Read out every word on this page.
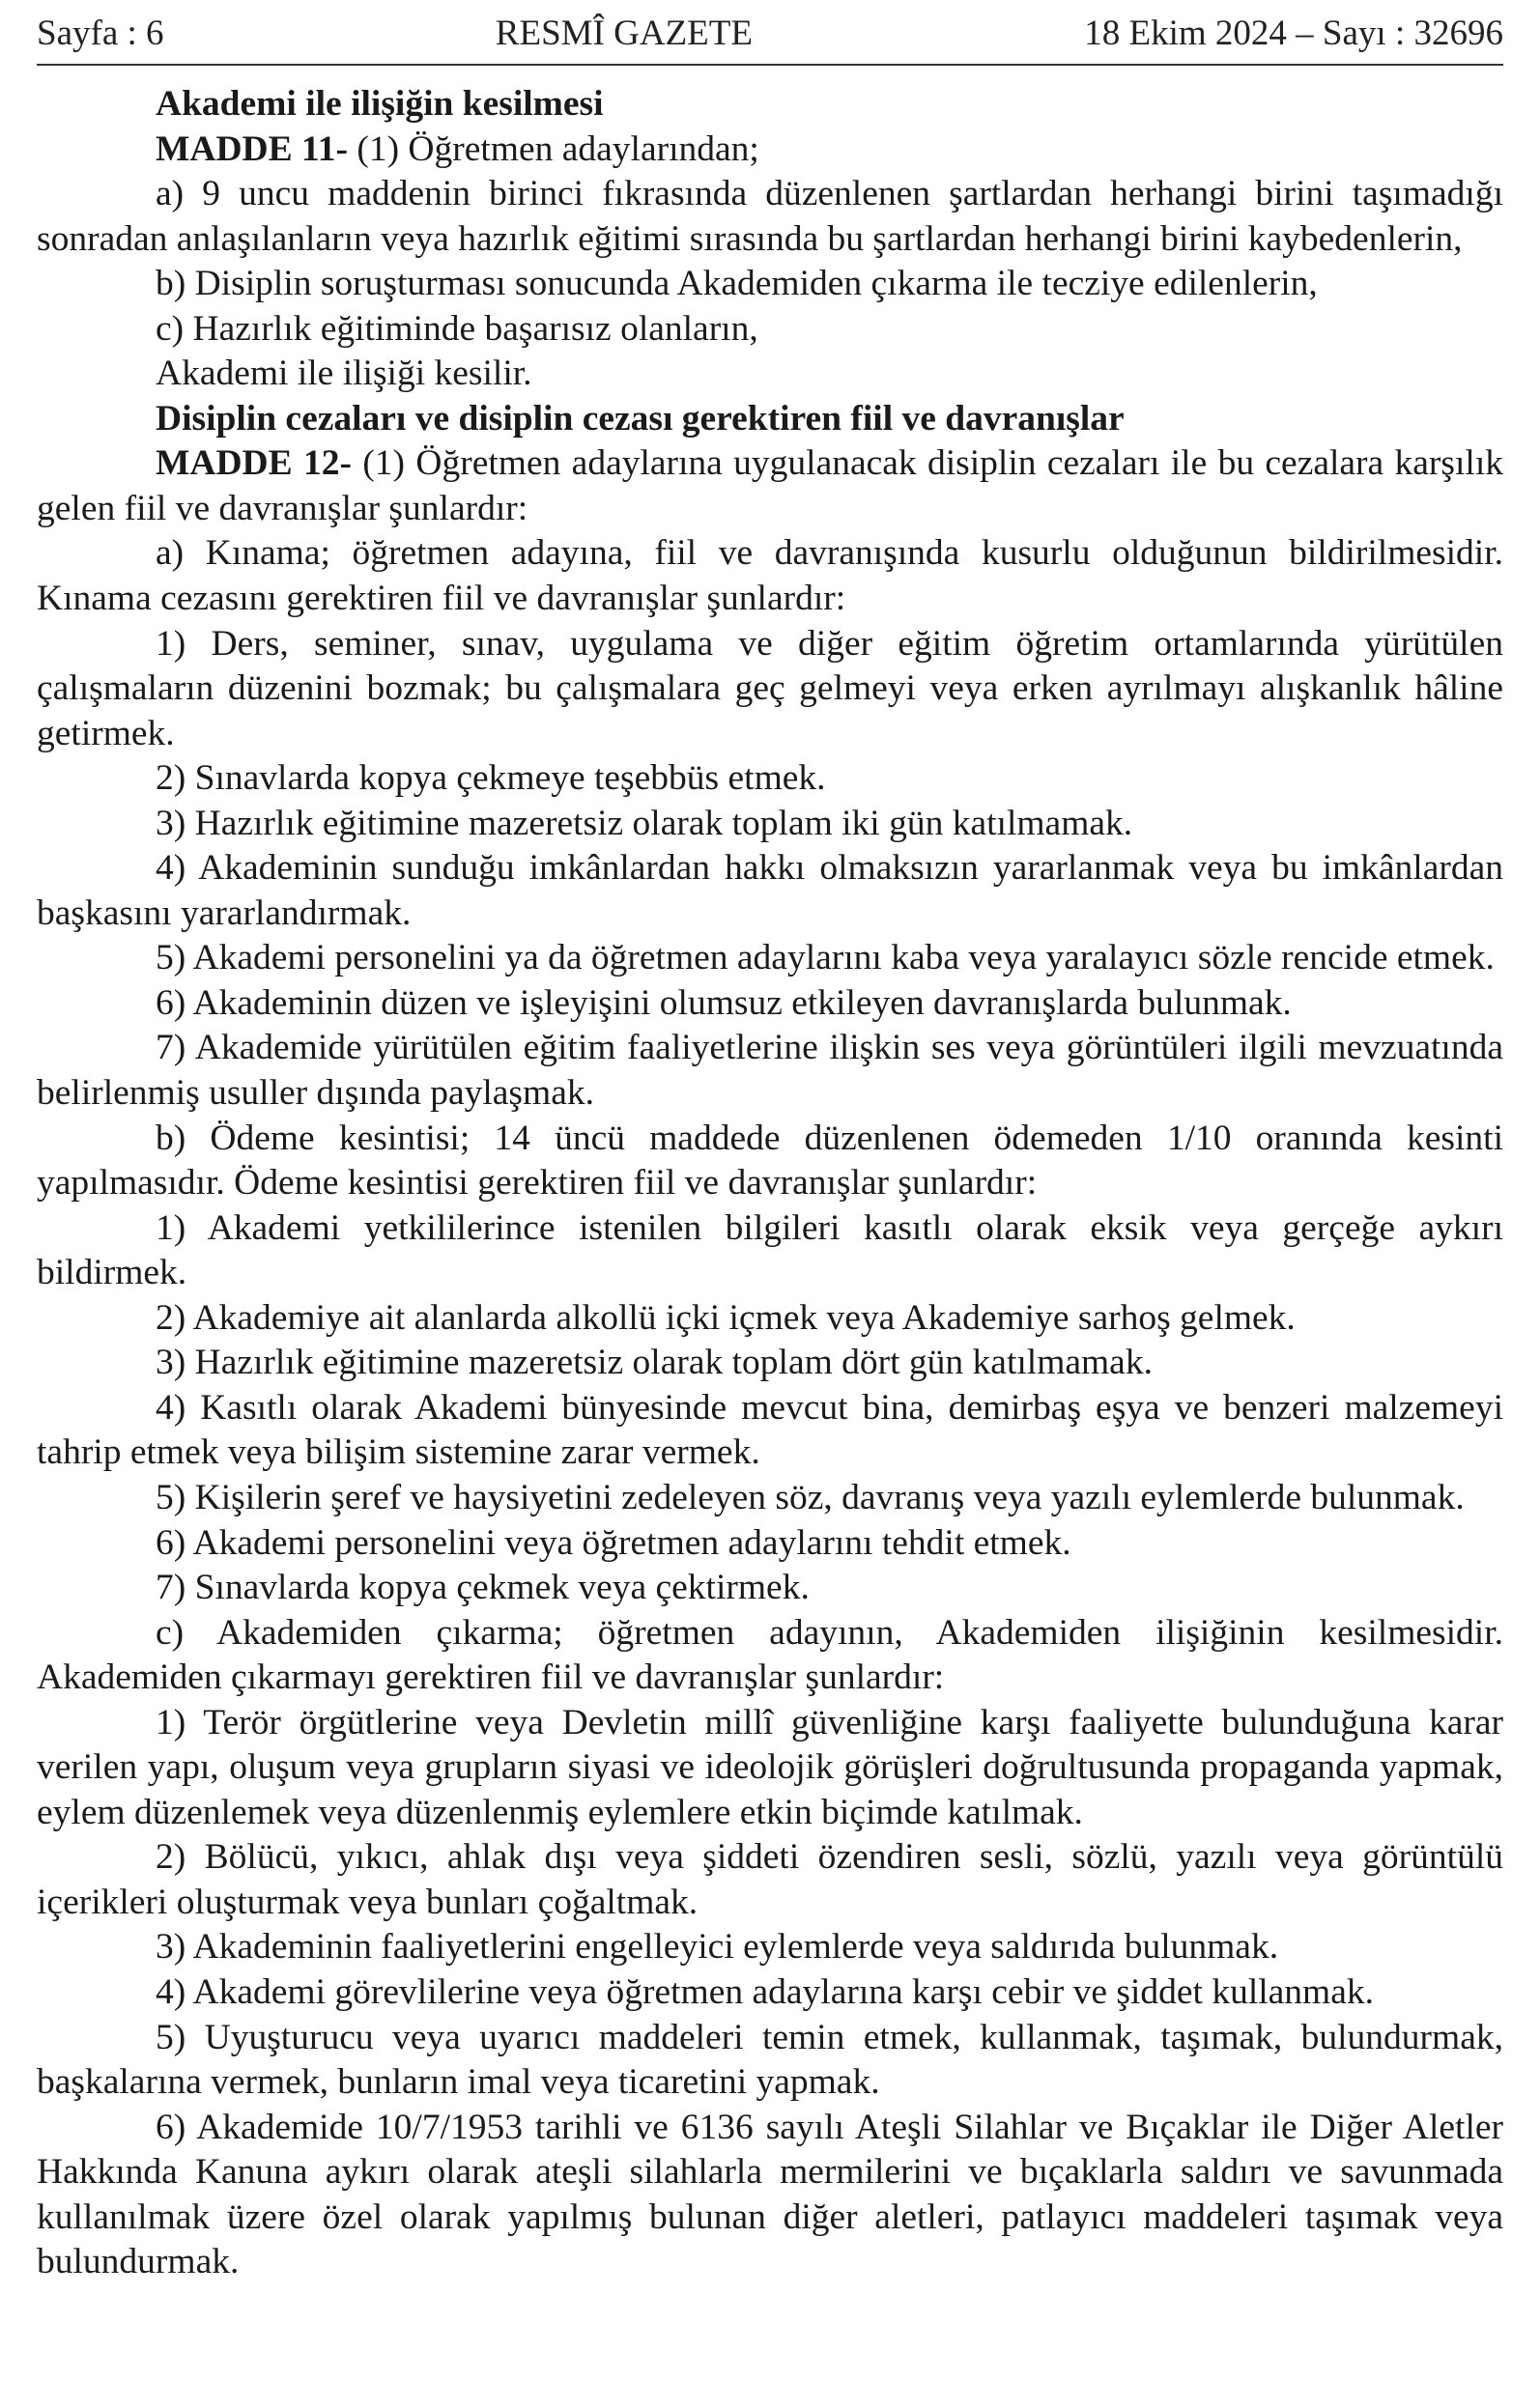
Sayfa : 6	RESMÎ GAZETE	18 Ekim 2024 – Sayı : 32696

Akademi ile ilişiğin kesilmesi

MADDE 11- (1) Öğretmen adaylarından;

a) 9 uncu maddenin birinci fıkrasında düzenlenen şartlardan herhangi birini taşımadığı sonradan anlaşılanların veya hazırlık eğitimi sırasında bu şartlardan herhangi birini kaybedenlerin,

b) Disiplin soruşturması sonucunda Akademiden çıkarma ile tecziye edilenlerin,

c) Hazırlık eğitiminde başarısız olanların,

Akademi ile ilişiği kesilir.

Disiplin cezaları ve disiplin cezası gerektiren fiil ve davranışlar

MADDE 12- (1) Öğretmen adaylarına uygulanacak disiplin cezaları ile bu cezalara karşılık gelen fiil ve davranışlar şunlardır:

a) Kınama; öğretmen adayına, fiil ve davranışında kusurlu olduğunun bildirilmesidir. Kınama cezasını gerektiren fiil ve davranışlar şunlardır:

1) Ders, seminer, sınav, uygulama ve diğer eğitim öğretim ortamlarında yürütülen çalışmaların düzenini bozmak; bu çalışmalara geç gelmeyi veya erken ayrılmayı alışkanlık hâline getirmek.

2) Sınavlarda kopya çekmeye teşebbüs etmek.

3) Hazırlık eğitimine mazeretsiz olarak toplam iki gün katılmamak.

4) Akademinin sunduğu imkânlardan hakkı olmaksızın yararlanmak veya bu imkânlardan başkasını yararlandırmak.

5) Akademi personelini ya da öğretmen adaylarını kaba veya yaralayıcı sözle rencide etmek.

6) Akademinin düzen ve işleyişini olumsuz etkileyen davranışlarda bulunmak.

7) Akademide yürütülen eğitim faaliyetlerine ilişkin ses veya görüntüleri ilgili mevzuatında belirlenmiş usuller dışında paylaşmak.

b) Ödeme kesintisi; 14 üncü maddede düzenlenen ödemeden 1/10 oranında kesinti yapılmasıdır. Ödeme kesintisi gerektiren fiil ve davranışlar şunlardır:

1) Akademi yetkililerince istenilen bilgileri kasıtlı olarak eksik veya gerçeğe aykırı bildirmek.

2) Akademiye ait alanlarda alkollü içki içmek veya Akademiye sarhoş gelmek.

3) Hazırlık eğitimine mazeretsiz olarak toplam dört gün katılmamak.

4) Kasıtlı olarak Akademi bünyesinde mevcut bina, demirbaş eşya ve benzeri malzemeyi tahrip etmek veya bilişim sistemine zarar vermek.

5) Kişilerin şeref ve haysiyetini zedeleyen söz, davranış veya yazılı eylemlerde bulunmak.

6) Akademi personelini veya öğretmen adaylarını tehdit etmek.

7) Sınavlarda kopya çekmek veya çektirmek.

c) Akademiden çıkarma; öğretmen adayının, Akademiden ilişiğinin kesilmesidir. Akademiden çıkarmayı gerektiren fiil ve davranışlar şunlardır:

1) Terör örgütlerine veya Devletin millî güvenliğine karşı faaliyette bulunduğuna karar verilen yapı, oluşum veya grupların siyasi ve ideolojik görüşleri doğrultusunda propaganda yapmak, eylem düzenlemek veya düzenlenmiş eylemlere etkin biçimde katılmak.

2) Bölücü, yıkıcı, ahlak dışı veya şiddeti özendiren sesli, sözlü, yazılı veya görüntülü içerikleri oluşturmak veya bunları çoğaltmak.

3) Akademinin faaliyetlerini engelleyici eylemlerde veya saldırıda bulunmak.

4) Akademi görevlilerine veya öğretmen adaylarına karşı cebir ve şiddet kullanmak.

5) Uyuşturucu veya uyarıcı maddeleri temin etmek, kullanmak, taşımak, bulundurmak, başkalarına vermek, bunların imal veya ticaretini yapmak.

6) Akademide 10/7/1953 tarihli ve 6136 sayılı Ateşli Silahlar ve Bıçaklar ile Diğer Aletler Hakkında Kanuna aykırı olarak ateşli silahlarla mermilerini ve bıçaklarla saldırı ve savunmada kullanılmak üzere özel olarak yapılmış bulunan diğer aletleri, patlayıcı maddeleri taşımak veya bulundurmak.
